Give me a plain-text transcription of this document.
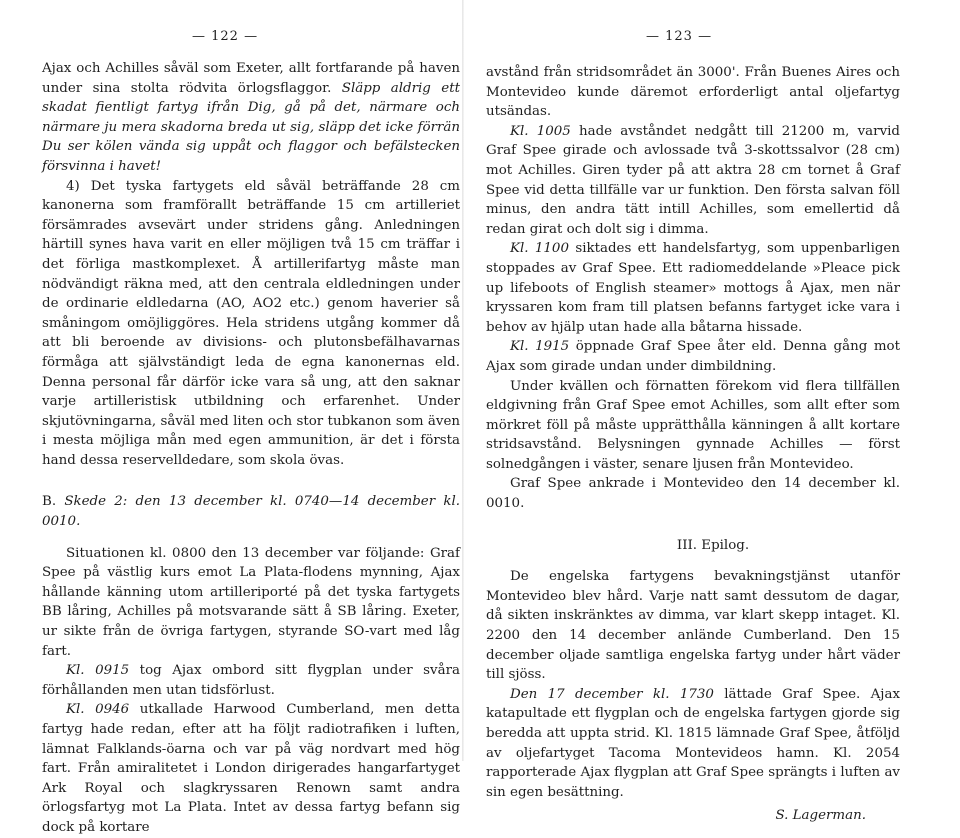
— 122 —

Ajax och Achilles såväl som Exeter, allt fortfarande på haven under sina stolta rödvita örlogsflaggor. Släpp aldrig ett skadat fientligt fartyg ifrån Dig, gå på det, närmare och närmare ju mera skadorna breda ut sig, släpp det icke förrän Du ser kölen vända sig uppåt och flaggor och befälstecken försvinna i havet!

4) Det tyska fartygets eld såväl beträffande 28 cm kanonerna som framförallt beträffande 15 cm artilleriet försämrades avsevärt under stridens gång. Anledningen härtill synes hava varit en eller möjligen två 15 cm träffar i det förliga mastkomplexet. Å artillerifartyg måste man nödvändigt räkna med, att den centrala eldledningen under de ordinarie eldledarna (AO, AO2 etc.) genom haverier så småningom omöjliggöres. Hela stridens utgång kommer då att bli beroende av divisions- och plutonsbefälhavarnas förmåga att självständigt leda de egna kanonernas eld. Denna personal får därför icke vara så ung, att den saknar varje artilleristisk utbildning och erfarenhet. Under skjutövningarna, såväl med liten och stor tubkanon som även i mesta möjliga mån med egen ammunition, är det i första hand dessa reservelldedare, som skola övas.

B. Skede 2: den 13 december kl. 0740—14 december kl. 0010.

Situationen kl. 0800 den 13 december var följande: Graf Spee på västlig kurs emot La Plata-flodens mynning, Ajax hållande känning utom artilleriporté på det tyska fartygets BB låring, Achilles på motsvarande sätt å SB låring. Exeter, ur sikte från de övriga fartygen, styrande SO-vart med låg fart.

Kl. 0915 tog Ajax ombord sitt flygplan under svåra förhållanden men utan tidsförlust.

Kl. 0946 utkallade Harwood Cumberland, men detta fartyg hade redan, efter att ha följt radiotrafiken i luften, lämnat Falklands-öarna och var på väg nordvart med hög fart. Från amiralitetet i London dirigerades hangarfartyget Ark Royal och slagkryssaren Renown samt andra örlogsfartyg mot La Plata. Intet av dessa fartyg befann sig dock på kortare

— 123 —

avstånd från stridsområdet än 3000'. Från Buenes Aires och Montevideo kunde däremot erforderligt antal oljefartyg utsändas.

Kl. 1005 hade avståndet nedgått till 21200 m, varvid Graf Spee girade och avlossade två 3-skottssalvor (28 cm) mot Achilles. Giren tyder på att aktra 28 cm tornet å Graf Spee vid detta tillfälle var ur funktion. Den första salvan föll minus, den andra tätt intill Achilles, som emellertid då redan girat och dolt sig i dimma.

Kl. 1100 siktades ett handelsfartyg, som uppenbarligen stoppades av Graf Spee. Ett radiomeddelande »Pleace pick up lifeboots of English steamer» mottogs å Ajax, men när kryssaren kom fram till platsen befanns fartyget icke vara i behov av hjälp utan hade alla båtarna hissade.

Kl. 1915 öppnade Graf Spee åter eld. Denna gång mot Ajax som girade undan under dimbildning.

Under kvällen och förnatten förekom vid flera tillfällen eldgivning från Graf Spee emot Achilles, som allt efter som mörkret föll på måste upprätthålla känningen å allt kortare stridsavstånd. Belysningen gynnade Achilles — först solnedgången i väster, senare ljusen från Montevideo.

Graf Spee ankrade i Montevideo den 14 december kl. 0010.

III. Epilog.

De engelska fartygens bevakningstjänst utanför Montevideo blev hård. Varje natt samt dessutom de dagar, då sikten inskränktes av dimma, var klart skepp intaget. Kl. 2200 den 14 december anlände Cumberland. Den 15 december oljade samtliga engelska fartyg under hårt väder till sjöss.

Den 17 december kl. 1730 lättade Graf Spee. Ajax katapultade ett flygplan och de engelska fartygen gjorde sig beredda att uppta strid. Kl. 1815 lämnade Graf Spee, åtföljd av oljefartyget Tacoma Montevideos hamn. Kl. 2054 rapporterade Ajax flygplan att Graf Spee sprängts i luften av sin egen besättning.

S. Lagerman.
